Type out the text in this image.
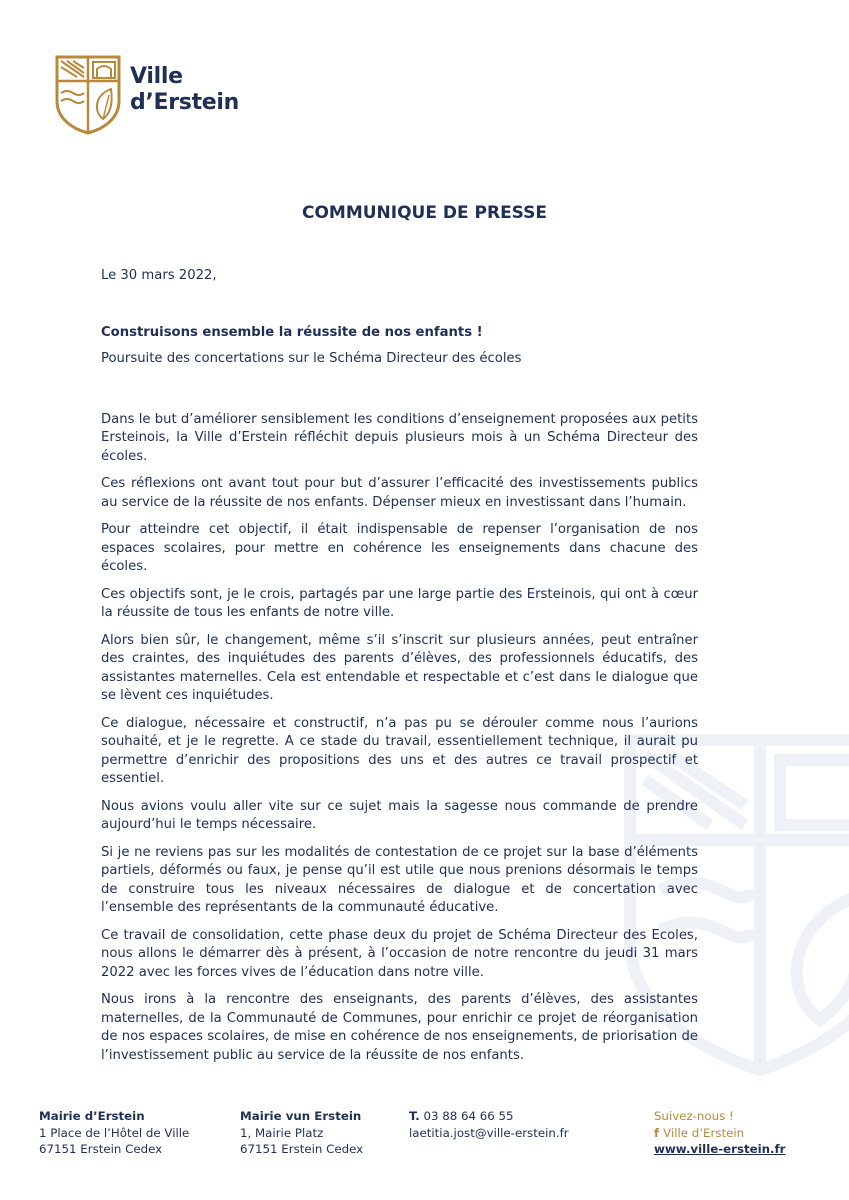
Ville
d’Erstein
COMMUNIQUE DE PRESSE

Le 30 mars 2022,

Construisons ensemble la réussite de nos enfants !

Poursuite des concertations sur le Schéma Directeur des écoles

Dans le but d’améliorer sensiblement les conditions d’enseignement proposées aux petits Ersteinois, la Ville d’Erstein réfléchit depuis plusieurs mois à un Schéma Directeur des écoles.

Ces réflexions ont avant tout pour but d’assurer l’efficacité des investissements publics au service de la réussite de nos enfants. Dépenser mieux en investissant dans l’humain.

Pour atteindre cet objectif, il était indispensable de repenser l’organisation de nos espaces scolaires, pour mettre en cohérence les enseignements dans chacune des écoles.

Ces objectifs sont, je le crois, partagés par une large partie des Ersteinois, qui ont à cœur la réussite de tous les enfants de notre ville.

Alors bien sûr, le changement, même s’il s’inscrit sur plusieurs années, peut entraîner des craintes, des inquiétudes des parents d’élèves, des professionnels éducatifs, des assistantes maternelles. Cela est entendable et respectable et c’est dans le dialogue que se lèvent ces inquiétudes.

Ce dialogue, nécessaire et constructif, n’a pas pu se dérouler comme nous l’aurions souhaité, et je le regrette. A ce stade du travail, essentiellement technique, il aurait pu permettre d’enrichir des propositions des uns et des autres ce travail prospectif et essentiel.

Nous avions voulu aller vite sur ce sujet mais la sagesse nous commande de prendre aujourd’hui le temps nécessaire.

Si je ne reviens pas sur les modalités de contestation de ce projet sur la base d’éléments partiels, déformés ou faux, je pense qu’il est utile que nous prenions désormais le temps de construire tous les niveaux nécessaires de dialogue et de concertation avec l’ensemble des représentants de la communauté éducative.

Ce travail de consolidation, cette phase deux du projet de Schéma Directeur des Ecoles, nous allons le démarrer dès à présent, à l’occasion de notre rencontre du jeudi 31 mars 2022 avec les forces vives de l’éducation dans notre ville.

Nous irons à la rencontre des enseignants, des parents d’élèves, des assistantes maternelles, de la Communauté de Communes, pour enrichir ce projet de réorganisation de nos espaces scolaires, de mise en cohérence de nos enseignements, de priorisation de l’investissement public au service de la réussite de nos enfants.

Mairie d’Erstein
1 Place de l’Hôtel de Ville
67151 Erstein Cedex
Mairie vun Erstein
1, Mairie Platz
67151 Erstein Cedex
T. 03 88 64 66 55
laetitia.jost@ville-erstein.fr
Suivez-nous !
f Ville d’Erstein
www.ville-erstein.fr
